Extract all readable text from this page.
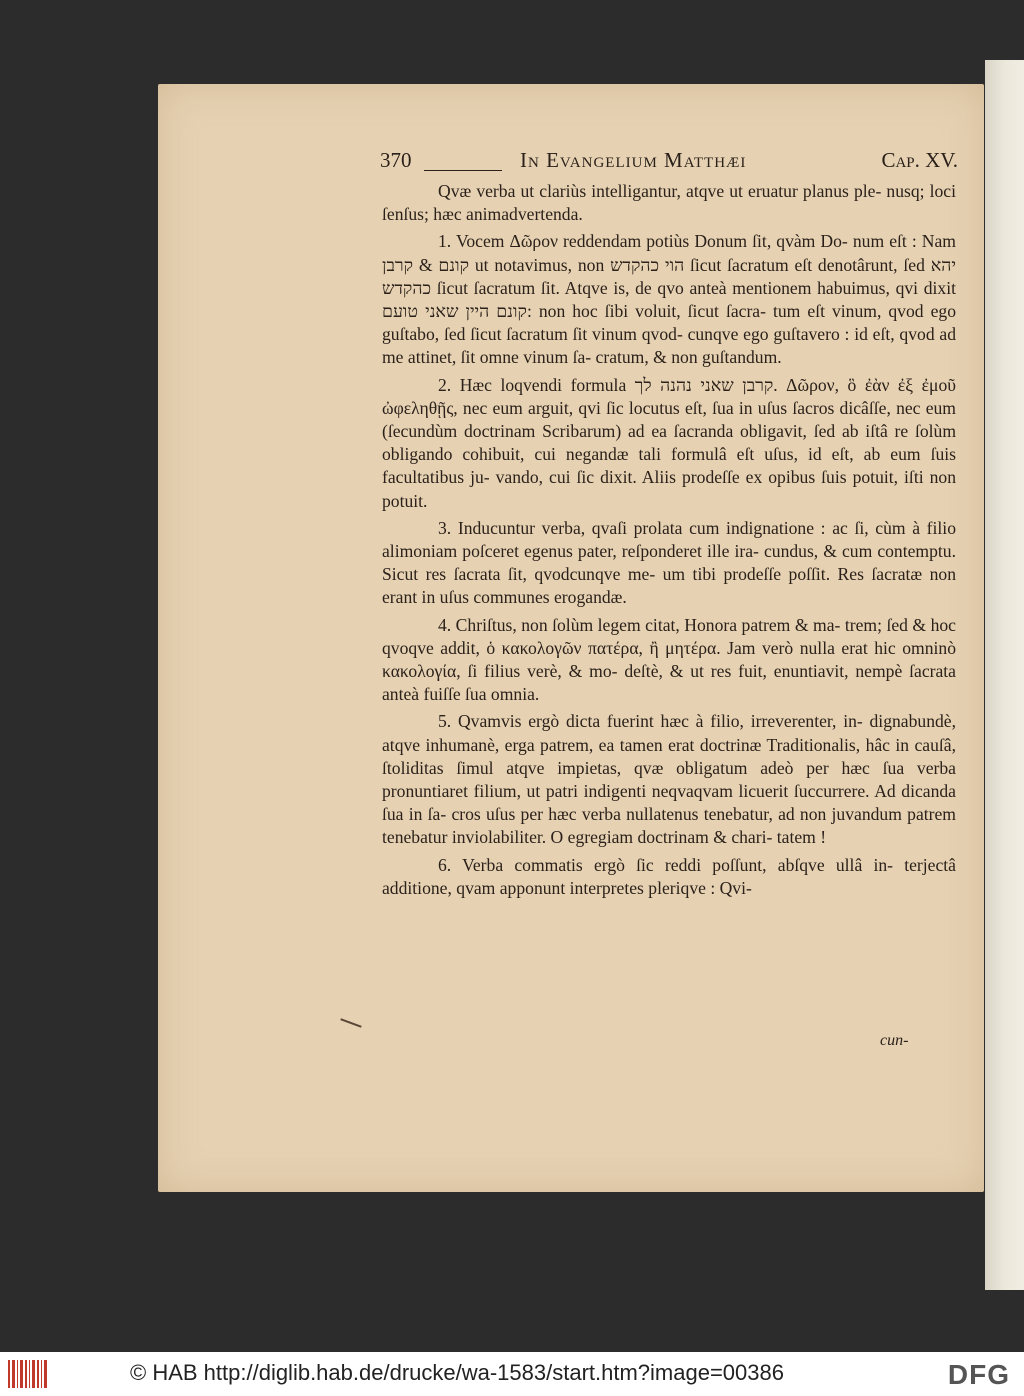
370	In Evangelium Matthæi	Cap. XV.

Qvæ verba ut clariùs intelligantur, atqve ut eruatur planus ple- nusq; loci ſenſus; hæc animadvertenda.

1. Vocem Δῶρον reddendam potiùs Donum ſit, qvàm Do- num eſt : Nam קונם & קרבן ut notavimus, non הוי כהקדש ſicut ſacratum eſt denotârunt, ſed יהא כהקדש ſicut ſacratum ſit. Atqve is, de qvo anteà mentionem habuimus, qvi dixit קונם היין שאני טועם: non hoc ſibi voluit, ſicut ſacra- tum eſt vinum, qvod ego guſtabo, ſed ſicut ſacratum ſit vinum qvod- cunqve ego guſtavero : id eſt, qvod ad me attinet, ſit omne vinum ſa- cratum, & non guſtandum.

2. Hæc loqvendi formula קרבן שאני נהנה לך. Δῶρον, ὃ ἐὰν ἐξ ἐμοῦ ὠφεληθῇς, nec eum arguit, qvi ſic locutus eſt, ſua in uſus ſacros dicâſſe, nec eum (ſecundùm doctrinam Scribarum) ad ea ſacranda obligavit, ſed ab iſtâ re ſolùm obligando cohibuit, cui negandæ tali formulâ eſt uſus, id eſt, ab eum ſuis facultatibus ju- vando, cui ſic dixit. Aliis prodeſſe ex opibus ſuis potuit, iſti non potuit.

3. Inducuntur verba, qvaſi prolata cum indignatione : ac ſi, cùm à filio alimoniam poſceret egenus pater, reſponderet ille ira- cundus, & cum contemptu. Sicut res ſacrata ſit, qvodcunqve me- um tibi prodeſſe poſſit. Res ſacratæ non erant in uſus communes erogandæ.

4. Chriſtus, non ſolùm legem citat, Honora patrem & ma- trem; ſed & hoc qvoqve addit, ὁ κακολογῶν πατέρα, ἢ μητέρα. Jam verò nulla erat hic omninò κακολογία, ſi filius verè, & mo- deſtè, & ut res fuit, enuntiavit, nempè ſacrata anteà fuiſſe ſua omnia.

5. Qvamvis ergò dicta fuerint hæc à filio, irreverenter, in- dignabundè, atqve inhumanè, erga patrem, ea tamen erat doctrinæ Traditionalis, hâc in cauſâ, ſtoliditas ſimul atqve impietas, qvæ obligatum adeò per hæc ſua verba pronuntiaret filium, ut patri indigenti neqvaqvam licuerit ſuccurrere. Ad dicanda ſua in ſa- cros uſus per hæc verba nullatenus tenebatur, ad non juvandum patrem tenebatur inviolabiliter. O egregiam doctrinam & chari- tatem !

6. Verba commatis ergò ſic reddi poſſunt, abſqve ullâ in- terjectâ additione, qvam apponunt interpretes pleriqve : Qvi-

cun-
© HAB http://diglib.hab.de/drucke/wa-1583/start.htm?image=00386	DFG
